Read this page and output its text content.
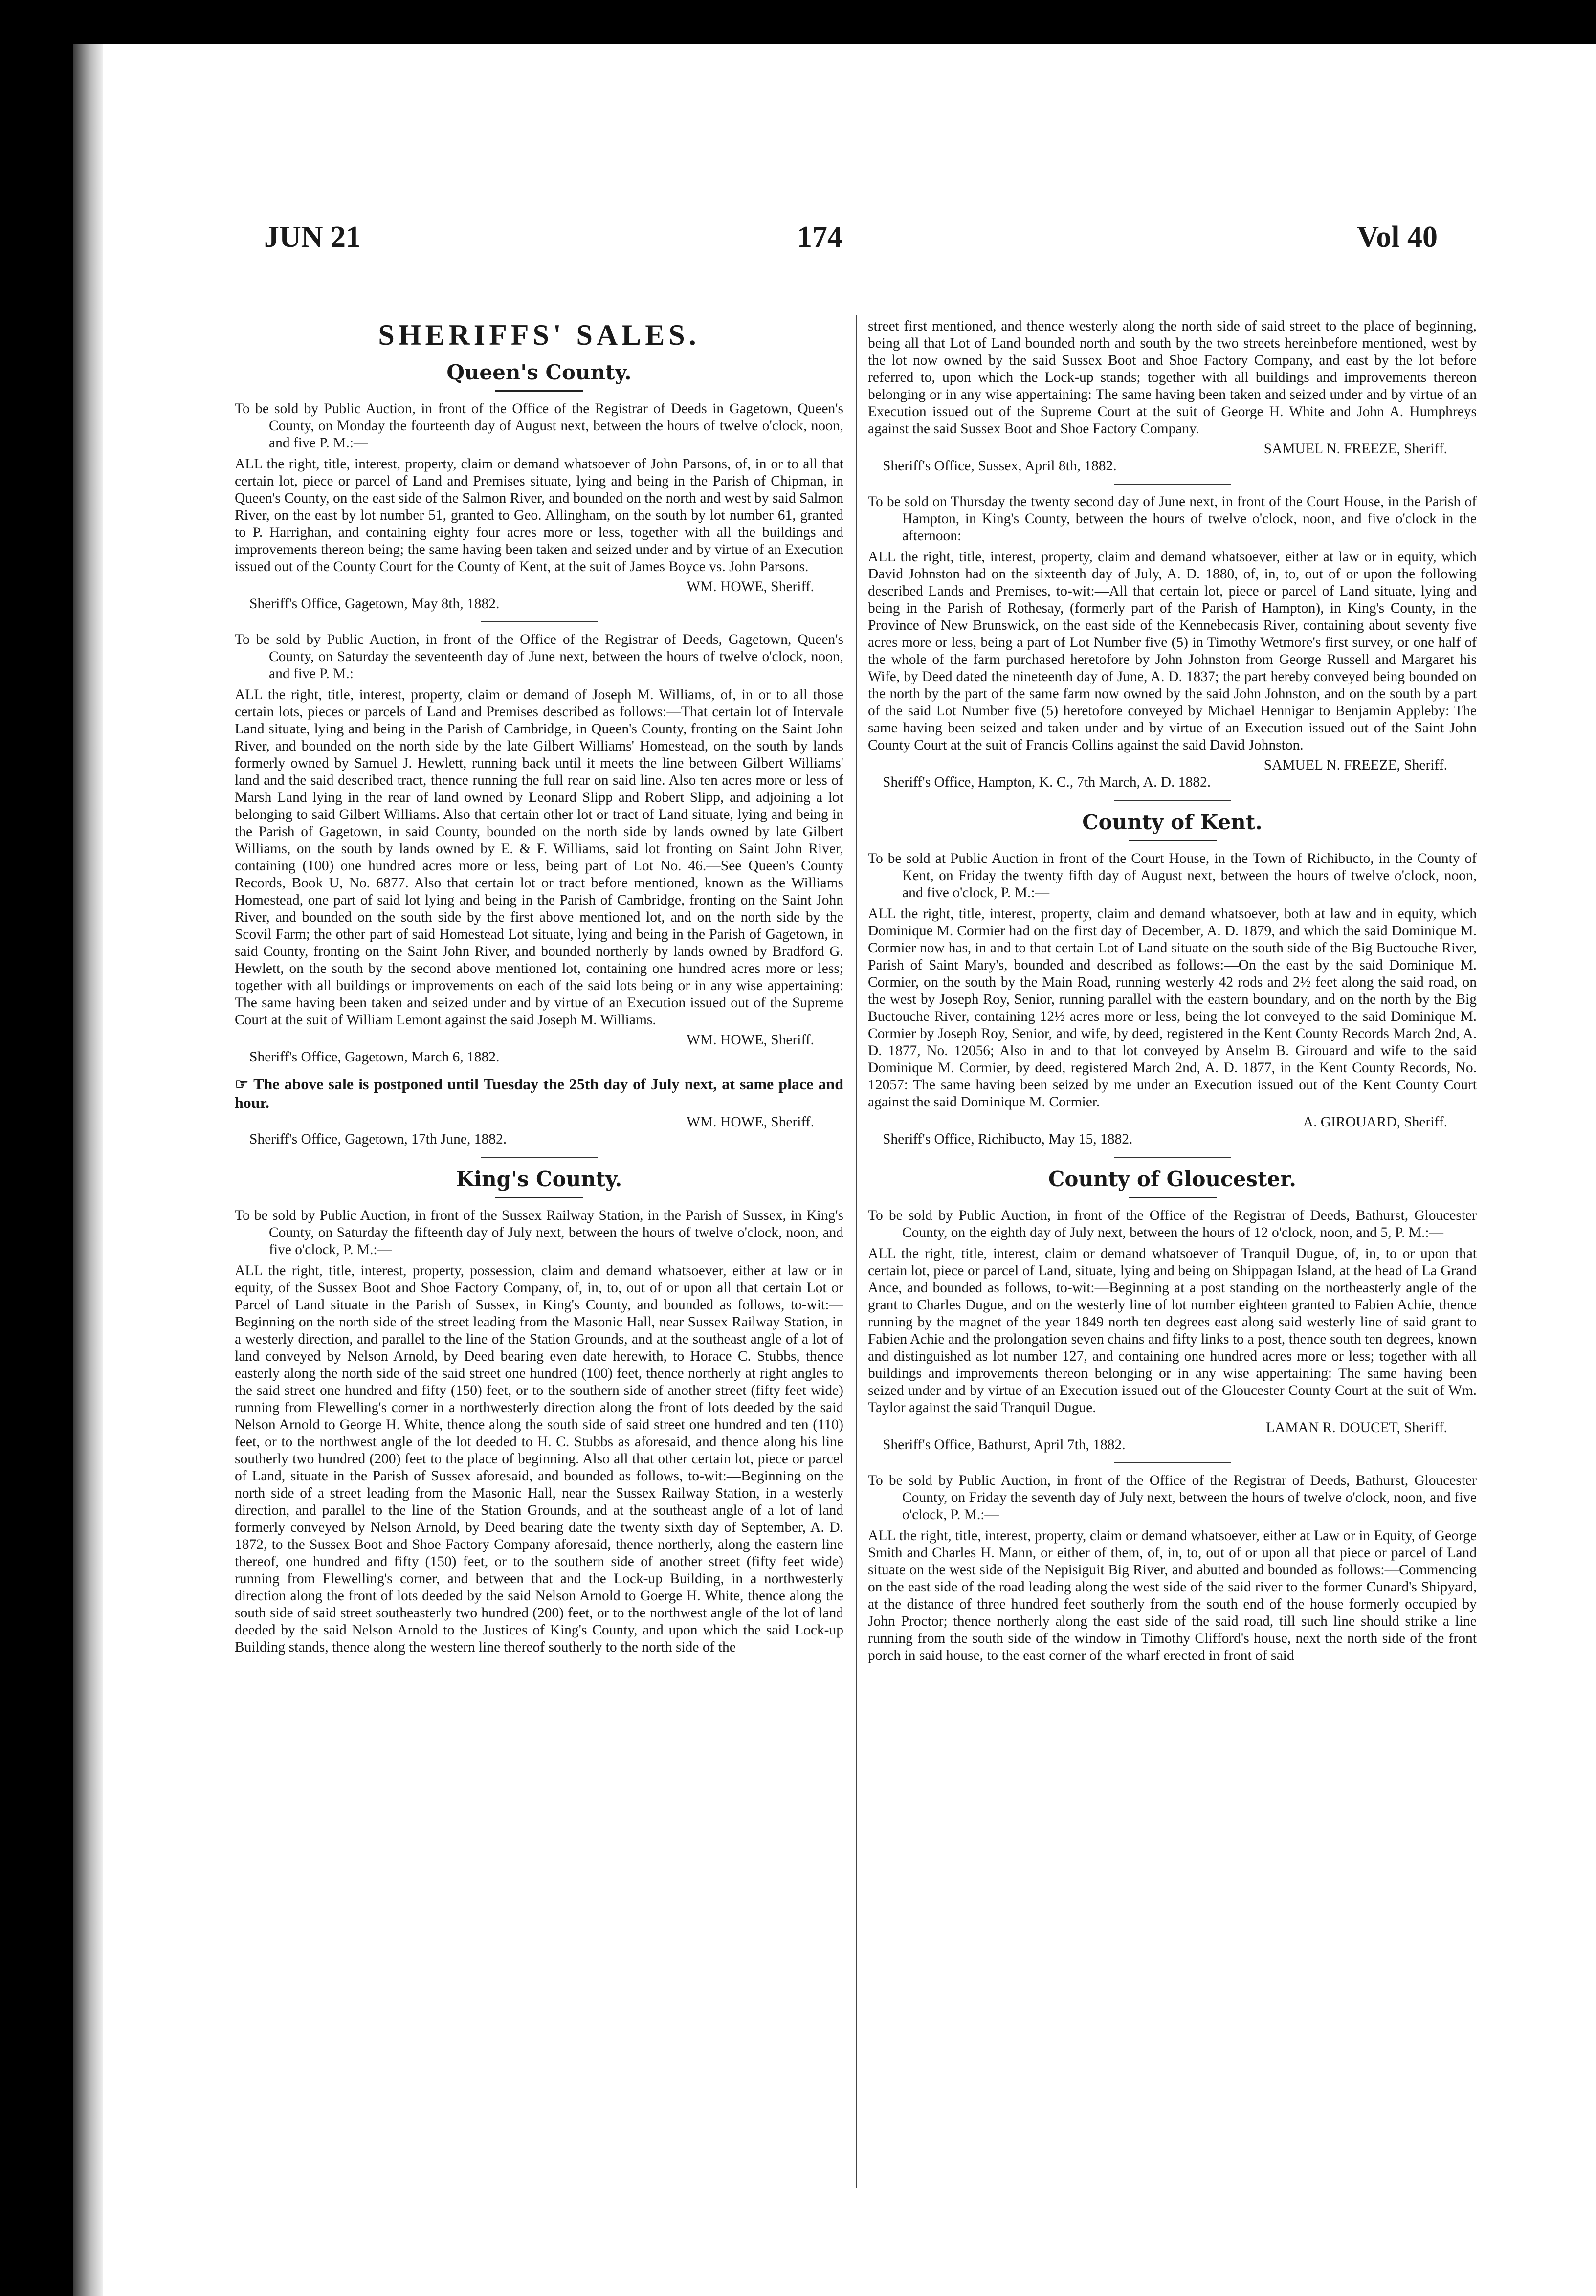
JUN 21	174	Vol 40
SHERIFFS' SALES.
Queen's County.

To be sold by Public Auction, in front of the Office of the Registrar of Deeds in Gagetown, Queen's County, on Monday the fourteenth day of August next, between the hours of twelve o'clock, noon, and five P. M.:—

ALL the right, title, interest, property, claim or demand whatsoever of John Parsons, of, in or to all that certain lot, piece or parcel of Land and Premises situate, lying and being in the Parish of Chipman, in Queen's County, on the east side of the Salmon River, and bounded on the north and west by said Salmon River, on the east by lot number 51, granted to Geo. Allingham, on the south by lot number 61, granted to P. Harrighan, and containing eighty four acres more or less, together with all the buildings and improvements thereon being; the same having been taken and seized under and by virtue of an Execution issued out of the County Court for the County of Kent, at the suit of James Boyce vs. John Parsons.

WM. HOWE, Sheriff.

Sheriff's Office, Gagetown, May 8th, 1882.

To be sold by Public Auction, in front of the Office of the Registrar of Deeds, Gagetown, Queen's County, on Saturday the seventeenth day of June next, between the hours of twelve o'clock, noon, and five P. M.:

ALL the right, title, interest, property, claim or demand of Joseph M. Williams, of, in or to all those certain lots, pieces or parcels of Land and Premises described as follows:—That certain lot of Intervale Land situate, lying and being in the Parish of Cambridge, in Queen's County, fronting on the Saint John River, and bounded on the north side by the late Gilbert Williams' Homestead, on the south by lands formerly owned by Samuel J. Hewlett, running back until it meets the line between Gilbert Williams' land and the said described tract, thence running the full rear on said line. Also ten acres more or less of Marsh Land lying in the rear of land owned by Leonard Slipp and Robert Slipp, and adjoining a lot belonging to said Gilbert Williams. Also that certain other lot or tract of Land situate, lying and being in the Parish of Gagetown, in said County, bounded on the north side by lands owned by late Gilbert Williams, on the south by lands owned by E. & F. Williams, said lot fronting on Saint John River, containing (100) one hundred acres more or less, being part of Lot No. 46.—See Queen's County Records, Book U, No. 6877. Also that certain lot or tract before mentioned, known as the Williams Homestead, one part of said lot lying and being in the Parish of Cambridge, fronting on the Saint John River, and bounded on the south side by the first above mentioned lot, and on the north side by the Scovil Farm; the other part of said Homestead Lot situate, lying and being in the Parish of Gagetown, in said County, fronting on the Saint John River, and bounded northerly by lands owned by Bradford G. Hewlett, on the south by the second above mentioned lot, containing one hundred acres more or less; together with all buildings or improvements on each of the said lots being or in any wise appertaining: The same having been taken and seized under and by virtue of an Execution issued out of the Supreme Court at the suit of William Lemont against the said Joseph M. Williams.

WM. HOWE, Sheriff.

Sheriff's Office, Gagetown, March 6, 1882.

☞ The above sale is postponed until Tuesday the 25th day of July next, at same place and hour.

WM. HOWE, Sheriff.

Sheriff's Office, Gagetown, 17th June, 1882.

King's County.

To be sold by Public Auction, in front of the Sussex Railway Station, in the Parish of Sussex, in King's County, on Saturday the fifteenth day of July next, between the hours of twelve o'clock, noon, and five o'clock, P. M.:—

ALL the right, title, interest, property, possession, claim and demand whatsoever, either at law or in equity, of the Sussex Boot and Shoe Factory Company, of, in, to, out of or upon all that certain Lot or Parcel of Land situate in the Parish of Sussex, in King's County, and bounded as follows, to-wit:—Beginning on the north side of the street leading from the Masonic Hall, near Sussex Railway Station, in a westerly direction, and parallel to the line of the Station Grounds, and at the southeast angle of a lot of land conveyed by Nelson Arnold, by Deed bearing even date herewith, to Horace C. Stubbs, thence easterly along the north side of the said street one hundred (100) feet, thence northerly at right angles to the said street one hundred and fifty (150) feet, or to the southern side of another street (fifty feet wide) running from Flewelling's corner in a northwesterly direction along the front of lots deeded by the said Nelson Arnold to George H. White, thence along the south side of said street one hundred and ten (110) feet, or to the northwest angle of the lot deeded to H. C. Stubbs as aforesaid, and thence along his line southerly two hundred (200) feet to the place of beginning. Also all that other certain lot, piece or parcel of Land, situate in the Parish of Sussex aforesaid, and bounded as follows, to-wit:—Beginning on the north side of a street leading from the Masonic Hall, near the Sussex Railway Station, in a westerly direction, and parallel to the line of the Station Grounds, and at the southeast angle of a lot of land formerly conveyed by Nelson Arnold, by Deed bearing date the twenty sixth day of September, A. D. 1872, to the Sussex Boot and Shoe Factory Company aforesaid, thence northerly, along the eastern line thereof, one hundred and fifty (150) feet, or to the southern side of another street (fifty feet wide) running from Flewelling's corner, and between that and the Lock-up Building, in a northwesterly direction along the front of lots deeded by the said Nelson Arnold to Goerge H. White, thence along the south side of said street southeasterly two hundred (200) feet, or to the northwest angle of the lot of land deeded by the said Nelson Arnold to the Justices of King's County, and upon which the said Lock-up Building stands, thence along the western line thereof southerly to the north side of the

street first mentioned, and thence westerly along the north side of said street to the place of beginning, being all that Lot of Land bounded north and south by the two streets hereinbefore mentioned, west by the lot now owned by the said Sussex Boot and Shoe Factory Company, and east by the lot before referred to, upon which the Lock-up stands; together with all buildings and improvements thereon belonging or in any wise appertaining: The same having been taken and seized under and by virtue of an Execution issued out of the Supreme Court at the suit of George H. White and John A. Humphreys against the said Sussex Boot and Shoe Factory Company.

SAMUEL N. FREEZE, Sheriff.

Sheriff's Office, Sussex, April 8th, 1882.

To be sold on Thursday the twenty second day of June next, in front of the Court House, in the Parish of Hampton, in King's County, between the hours of twelve o'clock, noon, and five o'clock in the afternoon:

ALL the right, title, interest, property, claim and demand whatsoever, either at law or in equity, which David Johnston had on the sixteenth day of July, A. D. 1880, of, in, to, out of or upon the following described Lands and Premises, to-wit:—All that certain lot, piece or parcel of Land situate, lying and being in the Parish of Rothesay, (formerly part of the Parish of Hampton), in King's County, in the Province of New Brunswick, on the east side of the Kennebecasis River, containing about seventy five acres more or less, being a part of Lot Number five (5) in Timothy Wetmore's first survey, or one half of the whole of the farm purchased heretofore by John Johnston from George Russell and Margaret his Wife, by Deed dated the nineteenth day of June, A. D. 1837; the part hereby conveyed being bounded on the north by the part of the same farm now owned by the said John Johnston, and on the south by a part of the said Lot Number five (5) heretofore conveyed by Michael Hennigar to Benjamin Appleby: The same having been seized and taken under and by virtue of an Execution issued out of the Saint John County Court at the suit of Francis Collins against the said David Johnston.

SAMUEL N. FREEZE, Sheriff.

Sheriff's Office, Hampton, K. C., 7th March, A. D. 1882.

County of Kent.

To be sold at Public Auction in front of the Court House, in the Town of Richibucto, in the County of Kent, on Friday the twenty fifth day of August next, between the hours of twelve o'clock, noon, and five o'clock, P. M.:—

ALL the right, title, interest, property, claim and demand whatsoever, both at law and in equity, which Dominique M. Cormier had on the first day of December, A. D. 1879, and which the said Dominique M. Cormier now has, in and to that certain Lot of Land situate on the south side of the Big Buctouche River, Parish of Saint Mary's, bounded and described as follows:—On the east by the said Dominique M. Cormier, on the south by the Main Road, running westerly 42 rods and 2½ feet along the said road, on the west by Joseph Roy, Senior, running parallel with the eastern boundary, and on the north by the Big Buctouche River, containing 12½ acres more or less, being the lot conveyed to the said Dominique M. Cormier by Joseph Roy, Senior, and wife, by deed, registered in the Kent County Records March 2nd, A. D. 1877, No. 12056; Also in and to that lot conveyed by Anselm B. Girouard and wife to the said Dominique M. Cormier, by deed, registered March 2nd, A. D. 1877, in the Kent County Records, No. 12057: The same having been seized by me under an Execution issued out of the Kent County Court against the said Dominique M. Cormier.

A. GIROUARD, Sheriff.

Sheriff's Office, Richibucto, May 15, 1882.

County of Gloucester.

To be sold by Public Auction, in front of the Office of the Registrar of Deeds, Bathurst, Gloucester County, on the eighth day of July next, between the hours of 12 o'clock, noon, and 5, P. M.:—

ALL the right, title, interest, claim or demand whatsoever of Tranquil Dugue, of, in, to or upon that certain lot, piece or parcel of Land, situate, lying and being on Shippagan Island, at the head of La Grand Ance, and bounded as follows, to-wit:—Beginning at a post standing on the northeasterly angle of the grant to Charles Dugue, and on the westerly line of lot number eighteen granted to Fabien Achie, thence running by the magnet of the year 1849 north ten degrees east along said westerly line of said grant to Fabien Achie and the prolongation seven chains and fifty links to a post, thence south ten degrees, known and distinguished as lot number 127, and containing one hundred acres more or less; together with all buildings and improvements thereon belonging or in any wise appertaining: The same having been seized under and by virtue of an Execution issued out of the Gloucester County Court at the suit of Wm. Taylor against the said Tranquil Dugue.

LAMAN R. DOUCET, Sheriff.

Sheriff's Office, Bathurst, April 7th, 1882.

To be sold by Public Auction, in front of the Office of the Registrar of Deeds, Bathurst, Gloucester County, on Friday the seventh day of July next, between the hours of twelve o'clock, noon, and five o'clock, P. M.:—

ALL the right, title, interest, property, claim or demand whatsoever, either at Law or in Equity, of George Smith and Charles H. Mann, or either of them, of, in, to, out of or upon all that piece or parcel of Land situate on the west side of the Nepisiguit Big River, and abutted and bounded as follows:—Commencing on the east side of the road leading along the west side of the said river to the former Cunard's Shipyard, at the distance of three hundred feet southerly from the south end of the house formerly occupied by John Proctor; thence northerly along the east side of the said road, till such line should strike a line running from the south side of the window in Timothy Clifford's house, next the north side of the front porch in said house, to the east corner of the wharf erected in front of said
